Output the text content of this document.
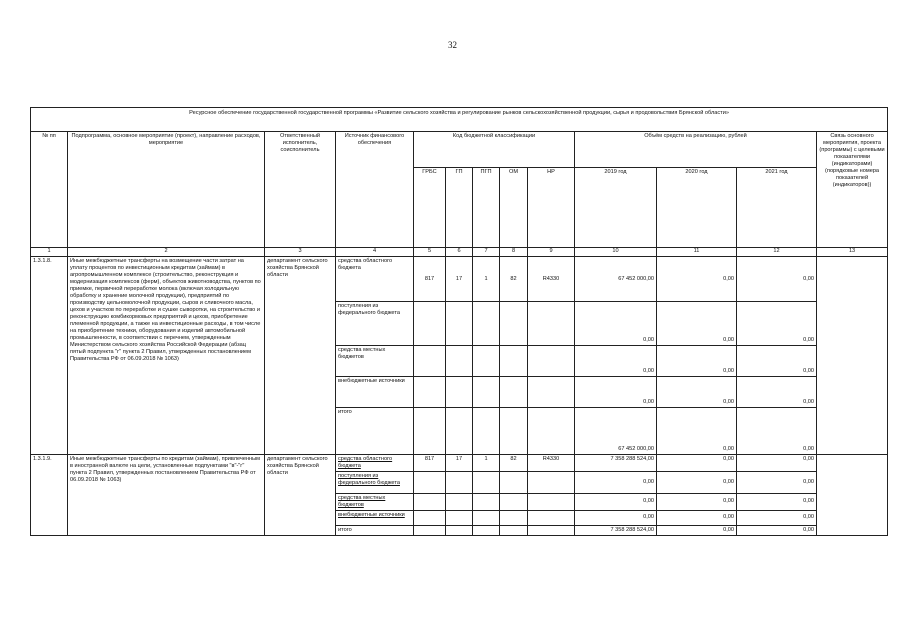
32
Ресурсное обеспечение государственной государственной программы «Развитие сельского хозяйства и регулирование рынков сельскохозяйственной продукции, сырья и продовольствия Брянской области»												
№ пп	Подпрограмма, основное мероприятие (проект), направление расходов, мероприятие	Ответственный исполнитель, соисполнитель	Источник финансового обеспечения	Код бюджетной классификации					Объём средств на реализацию, рублей			Связь основного мероприятия, проекта (программы) с целевыми показателями (индикаторами) (порядковые номера показателей (индикаторов))
				ГРБС	ГП	ПГП	ОМ	НР	2019 год	2020 год	2021 год	
1	2	3	4	5	6	7	8	9	10	11	12	13
1.3.1.8.	Иные межбюджетные трансферты на возмещение части затрат на уплату процентов по инвестиционным кредитам (займам) в агропромышленном комплексе (строительство, реконструкция и модернизация комплексов (ферм), объектов животноводства, пунктов по приемке, первичной переработке молока (включая холодильную обработку и хранение молочной продукции), предприятий по производству цельномолочной продукции, сыров и сливочного масла, цехов и участков по переработке и сушке сыворотки, на строительство и реконструкцию комбикормовых предприятий и цехов, приобретение племенной продукции, а также на инвестиционные расходы, в том числе на приобретение техники, оборудования и изделий автомобильной промышленности, в соответствии с перечнем, утвержденным Министерством сельского хозяйства Российской Федерации (абзац пятый подпункта "г" пункта 2 Правил, утвержденных постановлением Правительства РФ от 06.09.2018 № 1063)	департамент сельского хозяйства Брянской области	средства областного бюджета	817	17	1	82	R4330	67 452 000,00	0,00	0,00	
			поступления из федерального бюджета						0,00	0,00	0,00	
			средства местных бюджетов						0,00	0,00	0,00	
			внебюджетные источники						0,00	0,00	0,00	
			итого						67 452 000,00	0,00	0,00	
1.3.1.9.	Иные межбюджетные трансферты по кредитам (займам), привлеченным в иностранной валюте на цели, установленные подпунктами "в"-"г" пункта 2 Правил, утвержденных постановлением Правительства РФ от 06.09.2018 № 1063)	департамент сельского хозяйства Брянской области	средства областного бюджета	817	17	1	82	R4330	7 358 288 524,00	0,00	0,00	
			поступления из федерального бюджета						0,00	0,00	0,00	
			средства местных бюджетов						0,00	0,00	0,00	
			внебюджетные источники						0,00	0,00	0,00	
			итого						7 358 288 524,00	0,00	0,00	
